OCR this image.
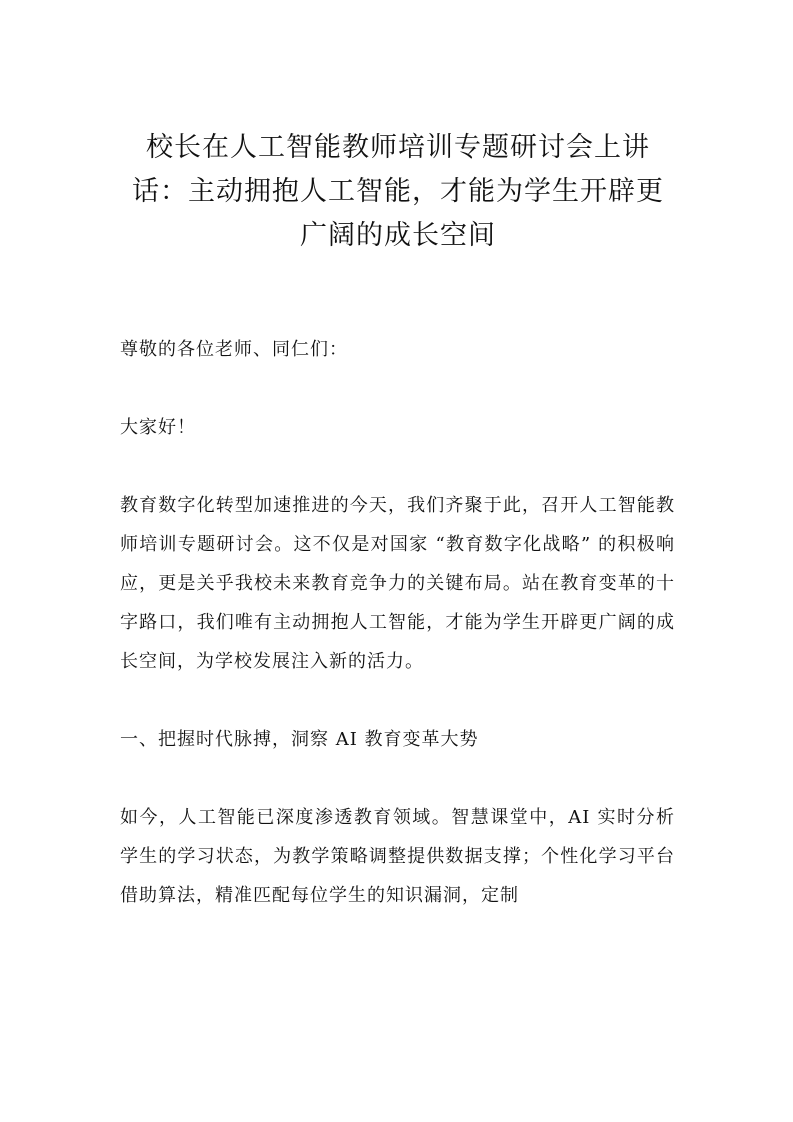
校长在人工智能教师培训专题研讨会上讲
话：主动拥抱人工智能，才能为学生开辟更
广阔的成长空间

尊敬的各位老师、同仁们：

大家好！

教育数字化转型加速推进的今天，我们齐聚于此，召开人工智能教师培训专题研讨会。这不仅是对国家 “教育数字化战略” 的积极响应，更是关乎我校未来教育竞争力的关键布局。站在教育变革的十字路口，我们唯有主动拥抱人工智能，才能为学生开辟更广阔的成长空间，为学校发展注入新的活力。

一、把握时代脉搏，洞察 AI 教育变革大势

如今，人工智能已深度渗透教育领域。智慧课堂中，AI 实时分析学生的学习状态，为教学策略调整提供数据支撑；个性化学习平台借助算法，精准匹配每位学生的知识漏洞，定制
